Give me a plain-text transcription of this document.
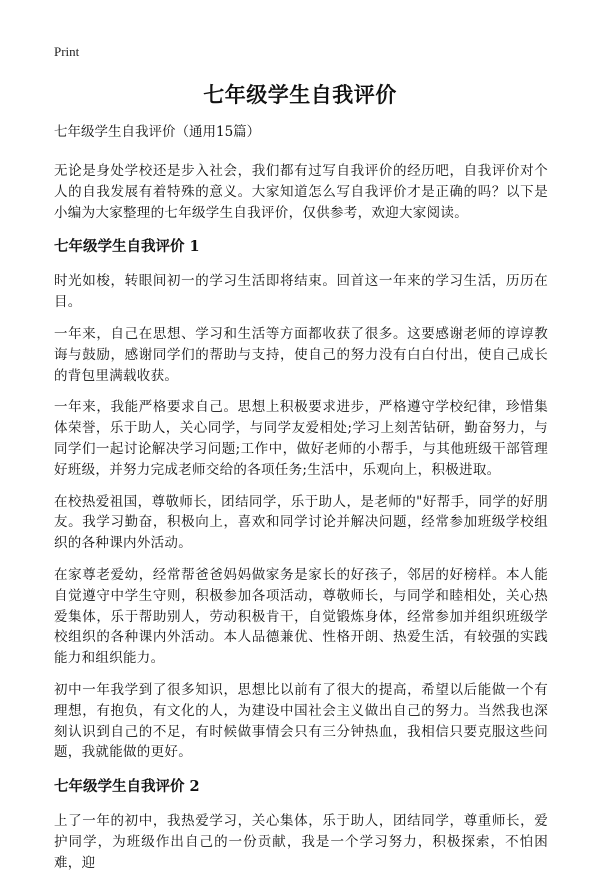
Print
七年级学生自我评价
七年级学生自我评价（通用15篇）

无论是身处学校还是步入社会，我们都有过写自我评价的经历吧，自我评价对个人的自我发展有着特殊的意义。大家知道怎么写自我评价才是正确的吗？以下是小编为大家整理的七年级学生自我评价，仅供参考，欢迎大家阅读。

七年级学生自我评价 1

时光如梭，转眼间初一的学习生活即将结束。回首这一年来的学习生活，历历在目。

一年来，自己在思想、学习和生活等方面都收获了很多。这要感谢老师的谆谆教诲与鼓励，感谢同学们的帮助与支持，使自己的努力没有白白付出，使自己成长的背包里满载收获。

一年来，我能严格要求自己。思想上积极要求进步，严格遵守学校纪律，珍惜集体荣誉，乐于助人，关心同学，与同学友爱相处;学习上刻苦钻研，勤奋努力，与同学们一起讨论解决学习问题;工作中，做好老师的小帮手，与其他班级干部管理好班级，并努力完成老师交给的各项任务;生活中，乐观向上，积极进取。

在校热爱祖国，尊敬师长，团结同学，乐于助人，是老师的"好帮手，同学的好朋友。我学习勤奋，积极向上，喜欢和同学讨论并解决问题，经常参加班级学校组织的各种课内外活动。

在家尊老爱幼，经常帮爸爸妈妈做家务是家长的好孩子，邻居的好榜样。本人能自觉遵守中学生守则，积极参加各项活动，尊敬师长，与同学和睦相处，关心热爱集体，乐于帮助别人，劳动积极肯干，自觉锻炼身体，经常参加并组织班级学校组织的各种课内外活动。本人品德兼优、性格开朗、热爱生活，有较强的实践能力和组织能力。

初中一年我学到了很多知识，思想比以前有了很大的提高，希望以后能做一个有理想，有抱负，有文化的人，为建设中国社会主义做出自己的努力。当然我也深刻认识到自己的不足，有时候做事情会只有三分钟热血，我相信只要克服这些问题，我就能做的更好。

七年级学生自我评价 2

上了一年的初中，我热爱学习，关心集体，乐于助人，团结同学，尊重师长，爱护同学，为班级作出自己的一份贡献，我是一个学习努力，积极探索，不怕困难，迎
